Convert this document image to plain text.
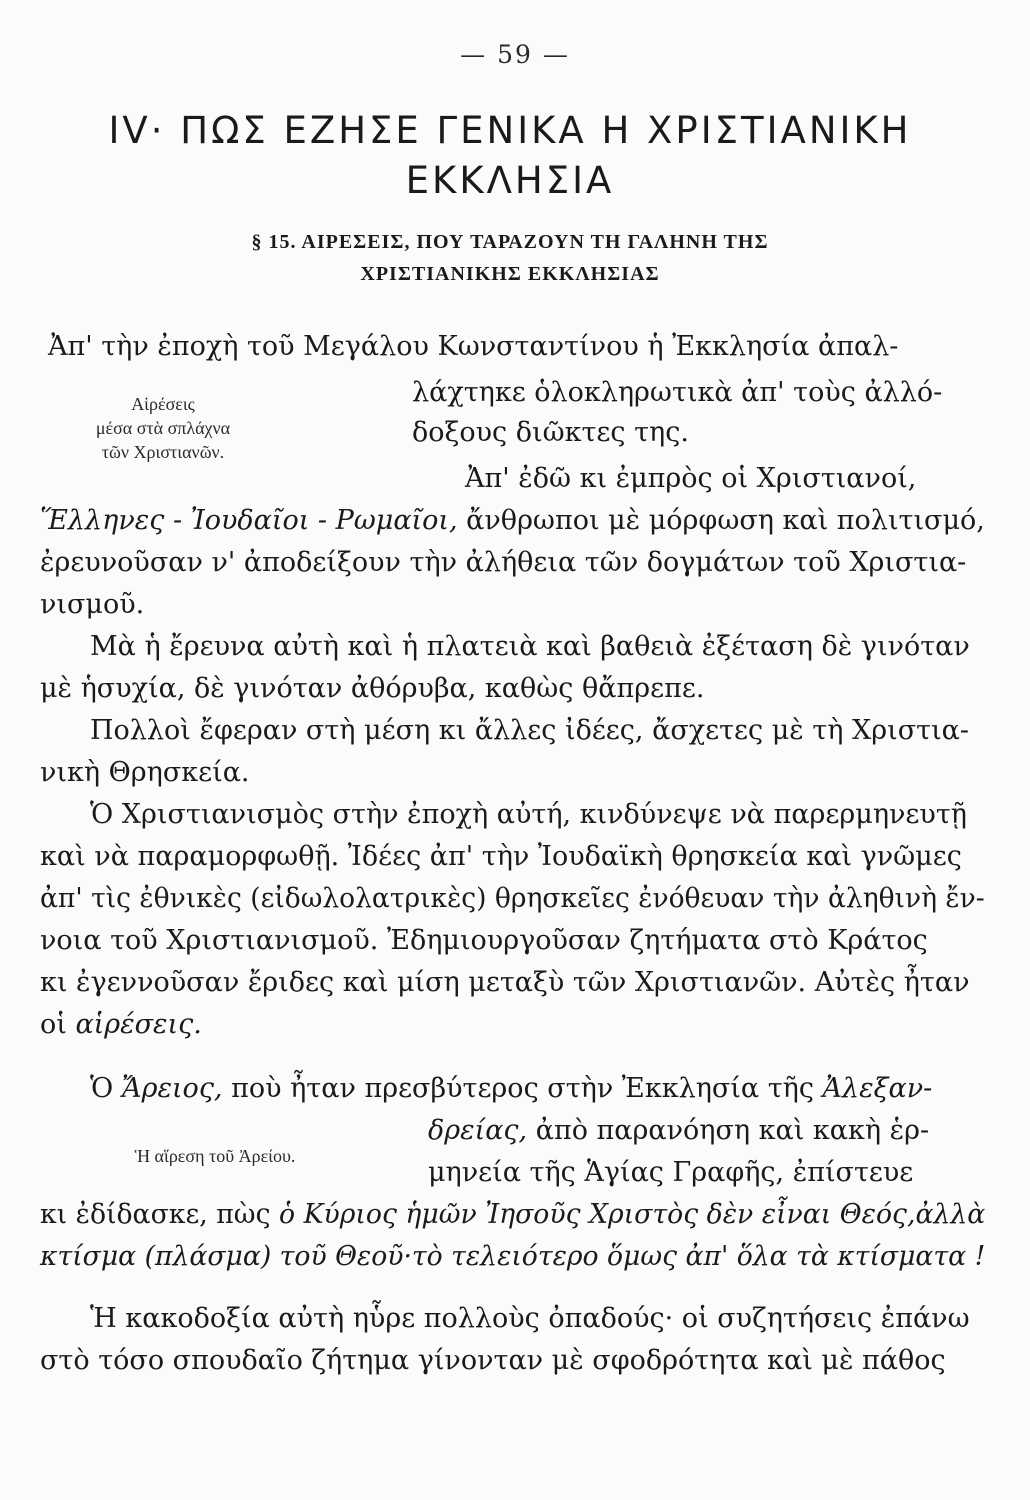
— 59 —
IV· ΠΩΣ ΕΖΗΣΕ ΓΕΝΙΚΑ Η ΧΡΙΣΤΙΑΝΙΚΗ
ΕΚΚΛΗΣΙΑ
§ 15. ΑΙΡΕΣΕΙΣ, ΠΟΥ ΤΑΡΑΖΟΥΝ ΤΗ ΓΑΛΗΝΗ ΤΗΣ
ΧΡΙΣΤΙΑΝΙΚΗΣ ΕΚΚΛΗΣΙΑΣ
Ἀπ' τὴν ἐποχὴ τοῦ Μεγάλου Κωνσταντίνου ἡ Ἐκκλησία ἀπαλ-
Αἱρέσεις
μέσα στὰ σπλάχνα
τῶν Χριστιανῶν.
λάχτηκε ὁλοκληρωτικὰ ἀπ' τοὺς ἀλλό-
δοξους διῶκτες της.
Ἀπ' ἐδῶ κι ἐμπρὸς οἱ Χριστιανοί,
Ἕλληνες - Ἰουδαῖοι - Ρωμαῖοι, ἄνθρωποι μὲ μόρφωση καὶ πολιτισμό,
ἐρευνοῦσαν ν' ἀποδείξουν τὴν ἀλήθεια τῶν δογμάτων τοῦ Χριστια-
νισμοῦ.
Μὰ ἡ ἔρευνα αὐτὴ καὶ ἡ πλατειὰ καὶ βαθειὰ ἐξέταση δὲ γινόταν
μὲ ἡσυχία, δὲ γινόταν ἀθόρυβα, καθὼς θἄπρεπε.
Πολλοὶ ἔφεραν στὴ μέση κι ἄλλες ἰδέες, ἄσχετες μὲ τὴ Χριστια-
νικὴ Θρησκεία.
Ὁ Χριστιανισμὸς στὴν ἐποχὴ αὐτή, κινδύνεψε νὰ παρερμηνευτῇ
καὶ νὰ παραμορφωθῇ. Ἰδέες ἀπ' τὴν Ἰουδαϊκὴ θρησκεία καὶ γνῶμες
ἀπ' τὶς ἐθνικὲς (εἰδωλολατρικὲς) θρησκεῖες ἐνόθευαν τὴν ἀληθινὴ ἔν-
νοια τοῦ Χριστιανισμοῦ. Ἐδημιουργοῦσαν ζητήματα στὸ Κράτος
κι ἐγεννοῦσαν ἔριδες καὶ μίση μεταξὺ τῶν Χριστιανῶν. Αὐτὲς ἦταν
οἱ αἱρέσεις.
Ὁ Ἄρειος, ποὺ ἦταν πρεσβύτερος στὴν Ἐκκλησία τῆς Ἀλεξαν-
Ἡ αἵρεση τοῦ Ἀρείου.
δρείας, ἀπὸ παρανόηση καὶ κακὴ ἑρ-
μηνεία τῆς Ἁγίας Γραφῆς, ἐπίστευε
κι ἐδίδασκε, πὼς ὁ Κύριος ἡμῶν Ἰησοῦς Χριστὸς δὲν εἶναι Θεός,ἀλλὰ
κτίσμα (πλάσμα) τοῦ Θεοῦ·τὸ τελειότερο ὅμως ἀπ' ὅλα τὰ κτίσματα !
Ἡ κακοδοξία αὐτὴ ηὗρε πολλοὺς ὀπαδούς· οἱ συζητήσεις ἐπάνω
στὸ τόσο σπουδαῖο ζήτημα γίνονταν μὲ σφοδρότητα καὶ μὲ πάθος
